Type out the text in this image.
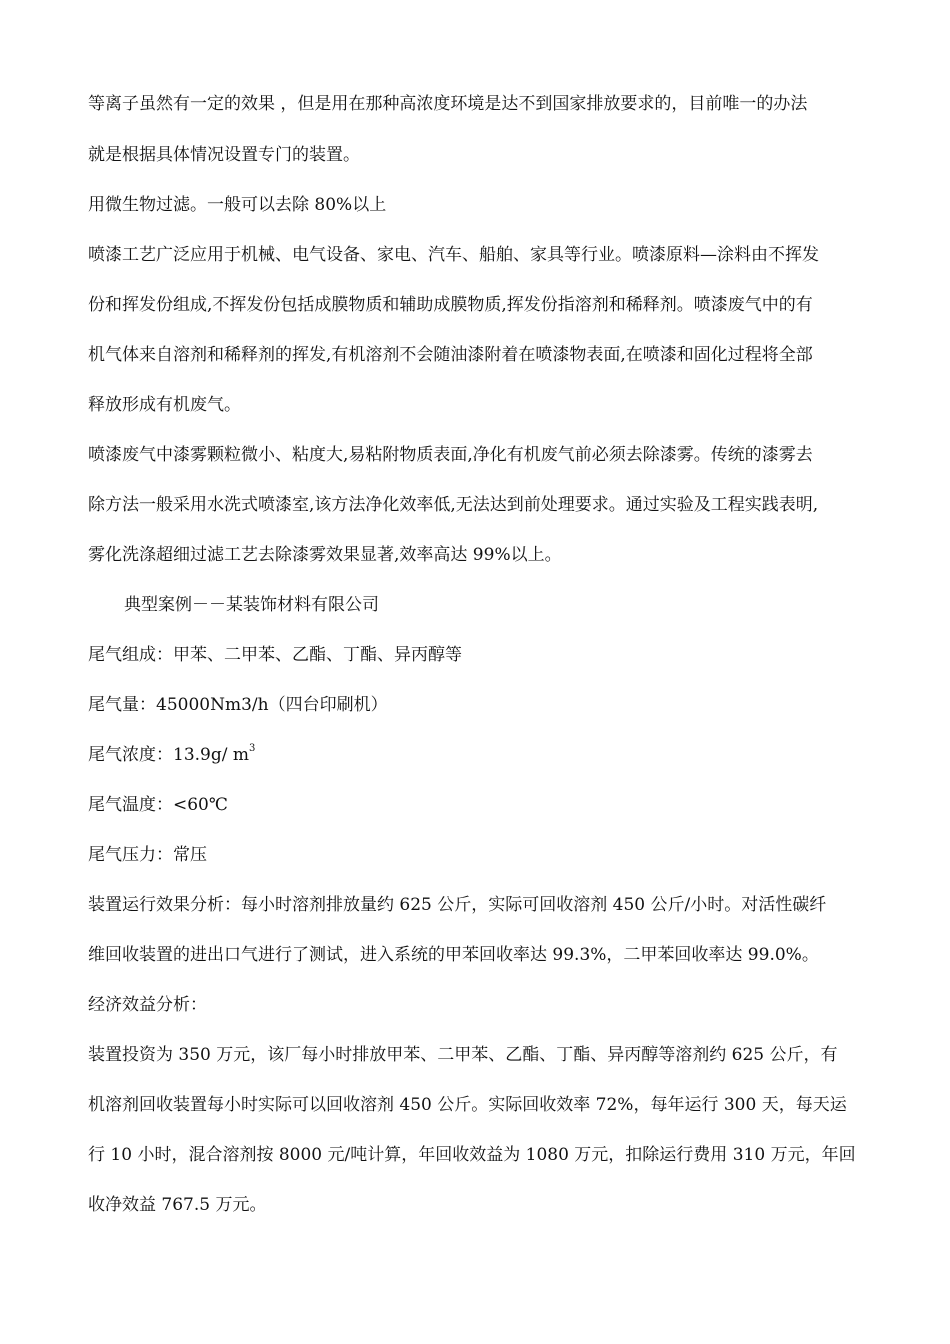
等离子虽然有一定的效果 ，但是用在那种高浓度环境是达不到国家排放要求的，目前唯一的办法
就是根据具体情况设置专门的装置。
用微生物过滤。一般可以去除 80%以上
喷漆工艺广泛应用于机械、电气设备、家电、汽车、船舶、家具等行业。喷漆原料—涂料由不挥发
份和挥发份组成,不挥发份包括成膜物质和辅助成膜物质,挥发份指溶剂和稀释剂。喷漆废气中的有
机气体来自溶剂和稀释剂的挥发,有机溶剂不会随油漆附着在喷漆物表面,在喷漆和固化过程将全部
释放形成有机废气。
喷漆废气中漆雾颗粒微小、粘度大,易粘附物质表面,净化有机废气前必须去除漆雾。传统的漆雾去
除方法一般采用水洗式喷漆室,该方法净化效率低,无法达到前处理要求。通过实验及工程实践表明,
雾化洗涤超细过滤工艺去除漆雾效果显著,效率高达 99%以上。
典型案例－－某装饰材料有限公司
尾气组成：甲苯、二甲苯、乙酯、丁酯、异丙醇等
尾气量：45000Nm3/h（四台印刷机）
尾气浓度：13.9g/ $m^3$
尾气温度：<60℃
尾气压力：常压
装置运行效果分析：每小时溶剂排放量约 625 公斤，实际可回收溶剂 450 公斤/小时。对活性碳纤
维回收装置的进出口气进行了测试，进入系统的甲苯回收率达 99.3%，二甲苯回收率达 99.0%。
经济效益分析：
装置投资为 350 万元，该厂每小时排放甲苯、二甲苯、乙酯、丁酯、异丙醇等溶剂约 625 公斤，有
机溶剂回收装置每小时实际可以回收溶剂 450 公斤。实际回收效率 72%，每年运行 300 天，每天运
行 10 小时，混合溶剂按 8000 元/吨计算，年回收效益为 1080 万元，扣除运行费用 310 万元，年回
收净效益 767.5 万元。
